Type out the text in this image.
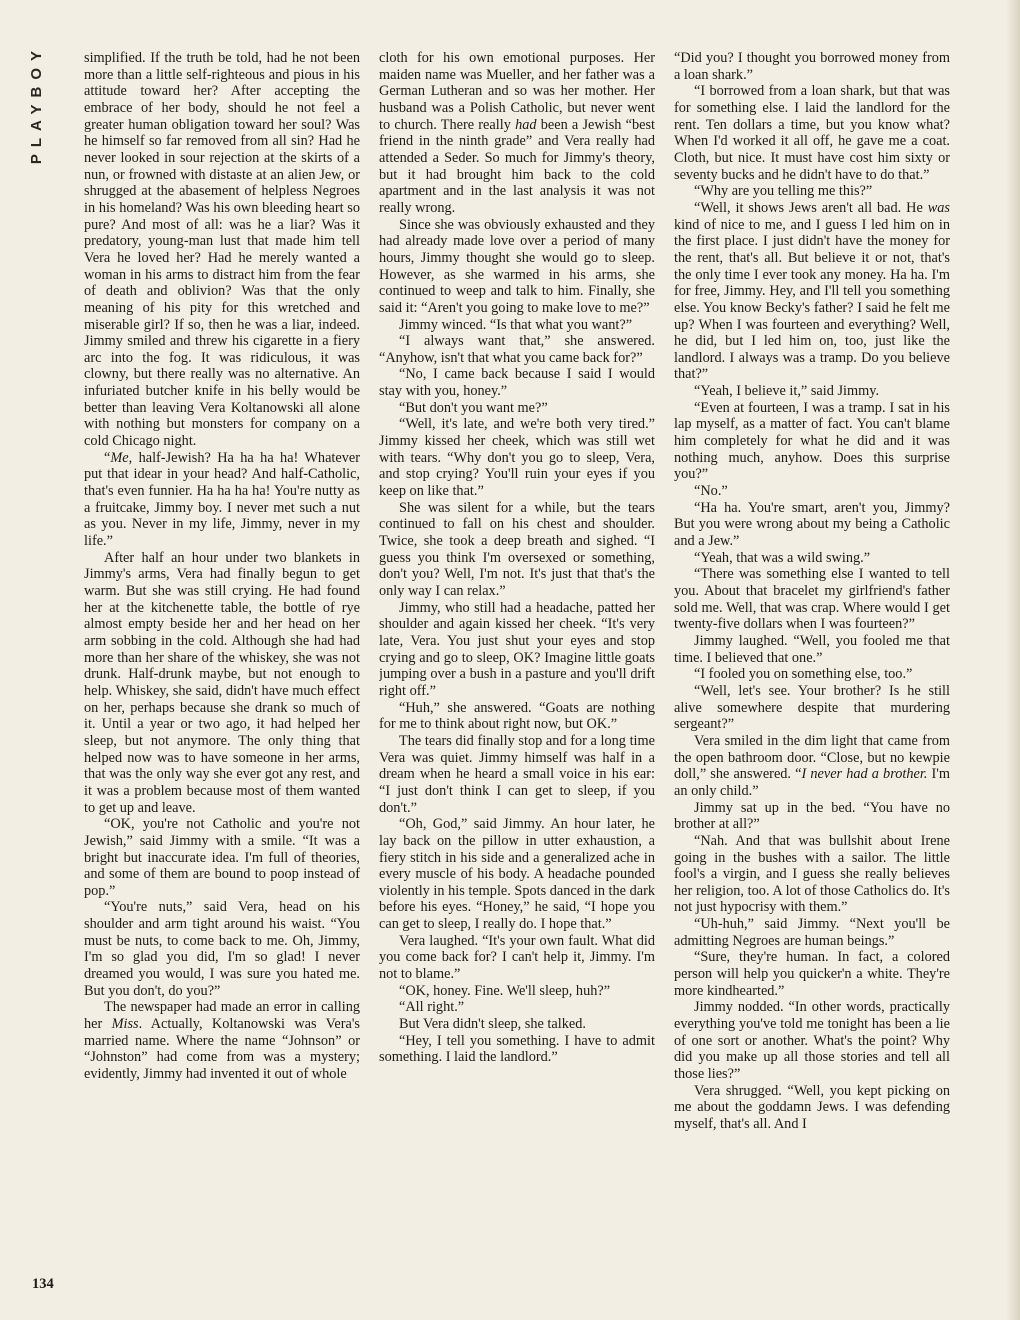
PLAYBOY	simplified. If the truth be told, had he not been more than a little self-righteous and pious in his attitude toward her? After accepting the embrace of her body, should he not feel a greater human obligation toward her soul? Was he himself so far removed from all sin? Had he never looked in sour rejection at the skirts of a nun, or frowned with distaste at an alien Jew, or shrugged at the abasement of helpless Negroes in his homeland? Was his own bleeding heart so pure? And most of all: was he a liar? Was it predatory, young-man lust that made him tell Vera he loved her? Had he merely wanted a woman in his arms to distract him from the fear of death and oblivion? Was that the only meaning of his pity for this wretched and miserable girl? If so, then he was a liar, indeed. Jimmy smiled and threw his cigarette in a fiery arc into the fog. It was ridiculous, it was clowny, but there really was no alternative. An infuriated butcher knife in his belly would be better than leaving Vera Koltanowski all alone with nothing but monsters for company on a cold Chicago night.

“Me, half-Jewish? Ha ha ha ha! Whatever put that idear in your head? And half-Catholic, that's even funnier. Ha ha ha ha! You're nutty as a fruitcake, Jimmy boy. I never met such a nut as you. Never in my life, Jimmy, never in my life.”

After half an hour under two blankets in Jimmy's arms, Vera had finally begun to get warm. But she was still crying. He had found her at the kitchenette table, the bottle of rye almost empty beside her and her head on her arm sobbing in the cold. Although she had had more than her share of the whiskey, she was not drunk. Half-drunk maybe, but not enough to help. Whiskey, she said, didn't have much effect on her, perhaps because she drank so much of it. Until a year or two ago, it had helped her sleep, but not anymore. The only thing that helped now was to have someone in her arms, that was the only way she ever got any rest, and it was a problem because most of them wanted to get up and leave.

“OK, you're not Catholic and you're not Jewish,” said Jimmy with a smile. “It was a bright but inaccurate idea. I'm full of theories, and some of them are bound to poop instead of pop.”

“You're nuts,” said Vera, head on his shoulder and arm tight around his waist. “You must be nuts, to come back to me. Oh, Jimmy, I'm so glad you did, I'm so glad! I never dreamed you would, I was sure you hated me. But you don't, do you?”

The newspaper had made an error in calling her Miss. Actually, Koltanowski was Vera's married name. Where the name “Johnson” or “Johnston” had come from was a mystery; evidently, Jimmy had invented it out of whole

cloth for his own emotional purposes. Her maiden name was Mueller, and her father was a German Lutheran and so was her mother. Her husband was a Polish Catholic, but never went to church. There really had been a Jewish “best friend in the ninth grade” and Vera really had attended a Seder. So much for Jimmy's theory, but it had brought him back to the cold apartment and in the last analysis it was not really wrong.

Since she was obviously exhausted and they had already made love over a period of many hours, Jimmy thought she would go to sleep. However, as she warmed in his arms, she continued to weep and talk to him. Finally, she said it: “Aren't you going to make love to me?”

Jimmy winced. “Is that what you want?”

“I always want that,” she answered. “Anyhow, isn't that what you came back for?”

“No, I came back because I said I would stay with you, honey.”

“But don't you want me?”

“Well, it's late, and we're both very tired.” Jimmy kissed her cheek, which was still wet with tears. “Why don't you go to sleep, Vera, and stop crying? You'll ruin your eyes if you keep on like that.”

She was silent for a while, but the tears continued to fall on his chest and shoulder. Twice, she took a deep breath and sighed. “I guess you think I'm oversexed or something, don't you? Well, I'm not. It's just that that's the only way I can relax.”

Jimmy, who still had a headache, patted her shoulder and again kissed her cheek. “It's very late, Vera. You just shut your eyes and stop crying and go to sleep, OK? Imagine little goats jumping over a bush in a pasture and you'll drift right off.”

“Huh,” she answered. “Goats are nothing for me to think about right now, but OK.”

The tears did finally stop and for a long time Vera was quiet. Jimmy himself was half in a dream when he heard a small voice in his ear: “I just don't think I can get to sleep, if you don't.”

“Oh, God,” said Jimmy. An hour later, he lay back on the pillow in utter exhaustion, a fiery stitch in his side and a generalized ache in every muscle of his body. A headache pounded violently in his temple. Spots danced in the dark before his eyes. “Honey,” he said, “I hope you can get to sleep, I really do. I hope that.”

Vera laughed. “It's your own fault. What did you come back for? I can't help it, Jimmy. I'm not to blame.”

“OK, honey. Fine. We'll sleep, huh?”

“All right.”

But Vera didn't sleep, she talked.

“Hey, I tell you something. I have to admit something. I laid the landlord.”

“Did you? I thought you borrowed money from a loan shark.”

“I borrowed from a loan shark, but that was for something else. I laid the landlord for the rent. Ten dollars a time, but you know what? When I'd worked it all off, he gave me a coat. Cloth, but nice. It must have cost him sixty or seventy bucks and he didn't have to do that.”

“Why are you telling me this?”

“Well, it shows Jews aren't all bad. He was kind of nice to me, and I guess I led him on in the first place. I just didn't have the money for the rent, that's all. But believe it or not, that's the only time I ever took any money. Ha ha. I'm for free, Jimmy. Hey, and I'll tell you something else. You know Becky's father? I said he felt me up? When I was fourteen and everything? Well, he did, but I led him on, too, just like the landlord. I always was a tramp. Do you believe that?”

“Yeah, I believe it,” said Jimmy.

“Even at fourteen, I was a tramp. I sat in his lap myself, as a matter of fact. You can't blame him completely for what he did and it was nothing much, anyhow. Does this surprise you?”

“No.”

“Ha ha. You're smart, aren't you, Jimmy? But you were wrong about my being a Catholic and a Jew.”

“Yeah, that was a wild swing.”

“There was something else I wanted to tell you. About that bracelet my girlfriend's father sold me. Well, that was crap. Where would I get twenty-five dollars when I was fourteen?”

Jimmy laughed. “Well, you fooled me that time. I believed that one.”

“I fooled you on something else, too.”

“Well, let's see. Your brother? Is he still alive somewhere despite that murdering sergeant?”

Vera smiled in the dim light that came from the open bathroom door. “Close, but no kewpie doll,” she answered. “I never had a brother. I'm an only child.”

Jimmy sat up in the bed. “You have no brother at all?”

“Nah. And that was bullshit about Irene going in the bushes with a sailor. The little fool's a virgin, and I guess she really believes her religion, too. A lot of those Catholics do. It's not just hypocrisy with them.”

“Uh-huh,” said Jimmy. “Next you'll be admitting Negroes are human beings.”

“Sure, they're human. In fact, a colored person will help you quicker'n a white. They're more kindhearted.”

Jimmy nodded. “In other words, practically everything you've told me tonight has been a lie of one sort or another. What's the point? Why did you make up all those stories and tell all those lies?”

Vera shrugged. “Well, you kept picking on me about the goddamn Jews. I was defending myself, that's all. And I

134
